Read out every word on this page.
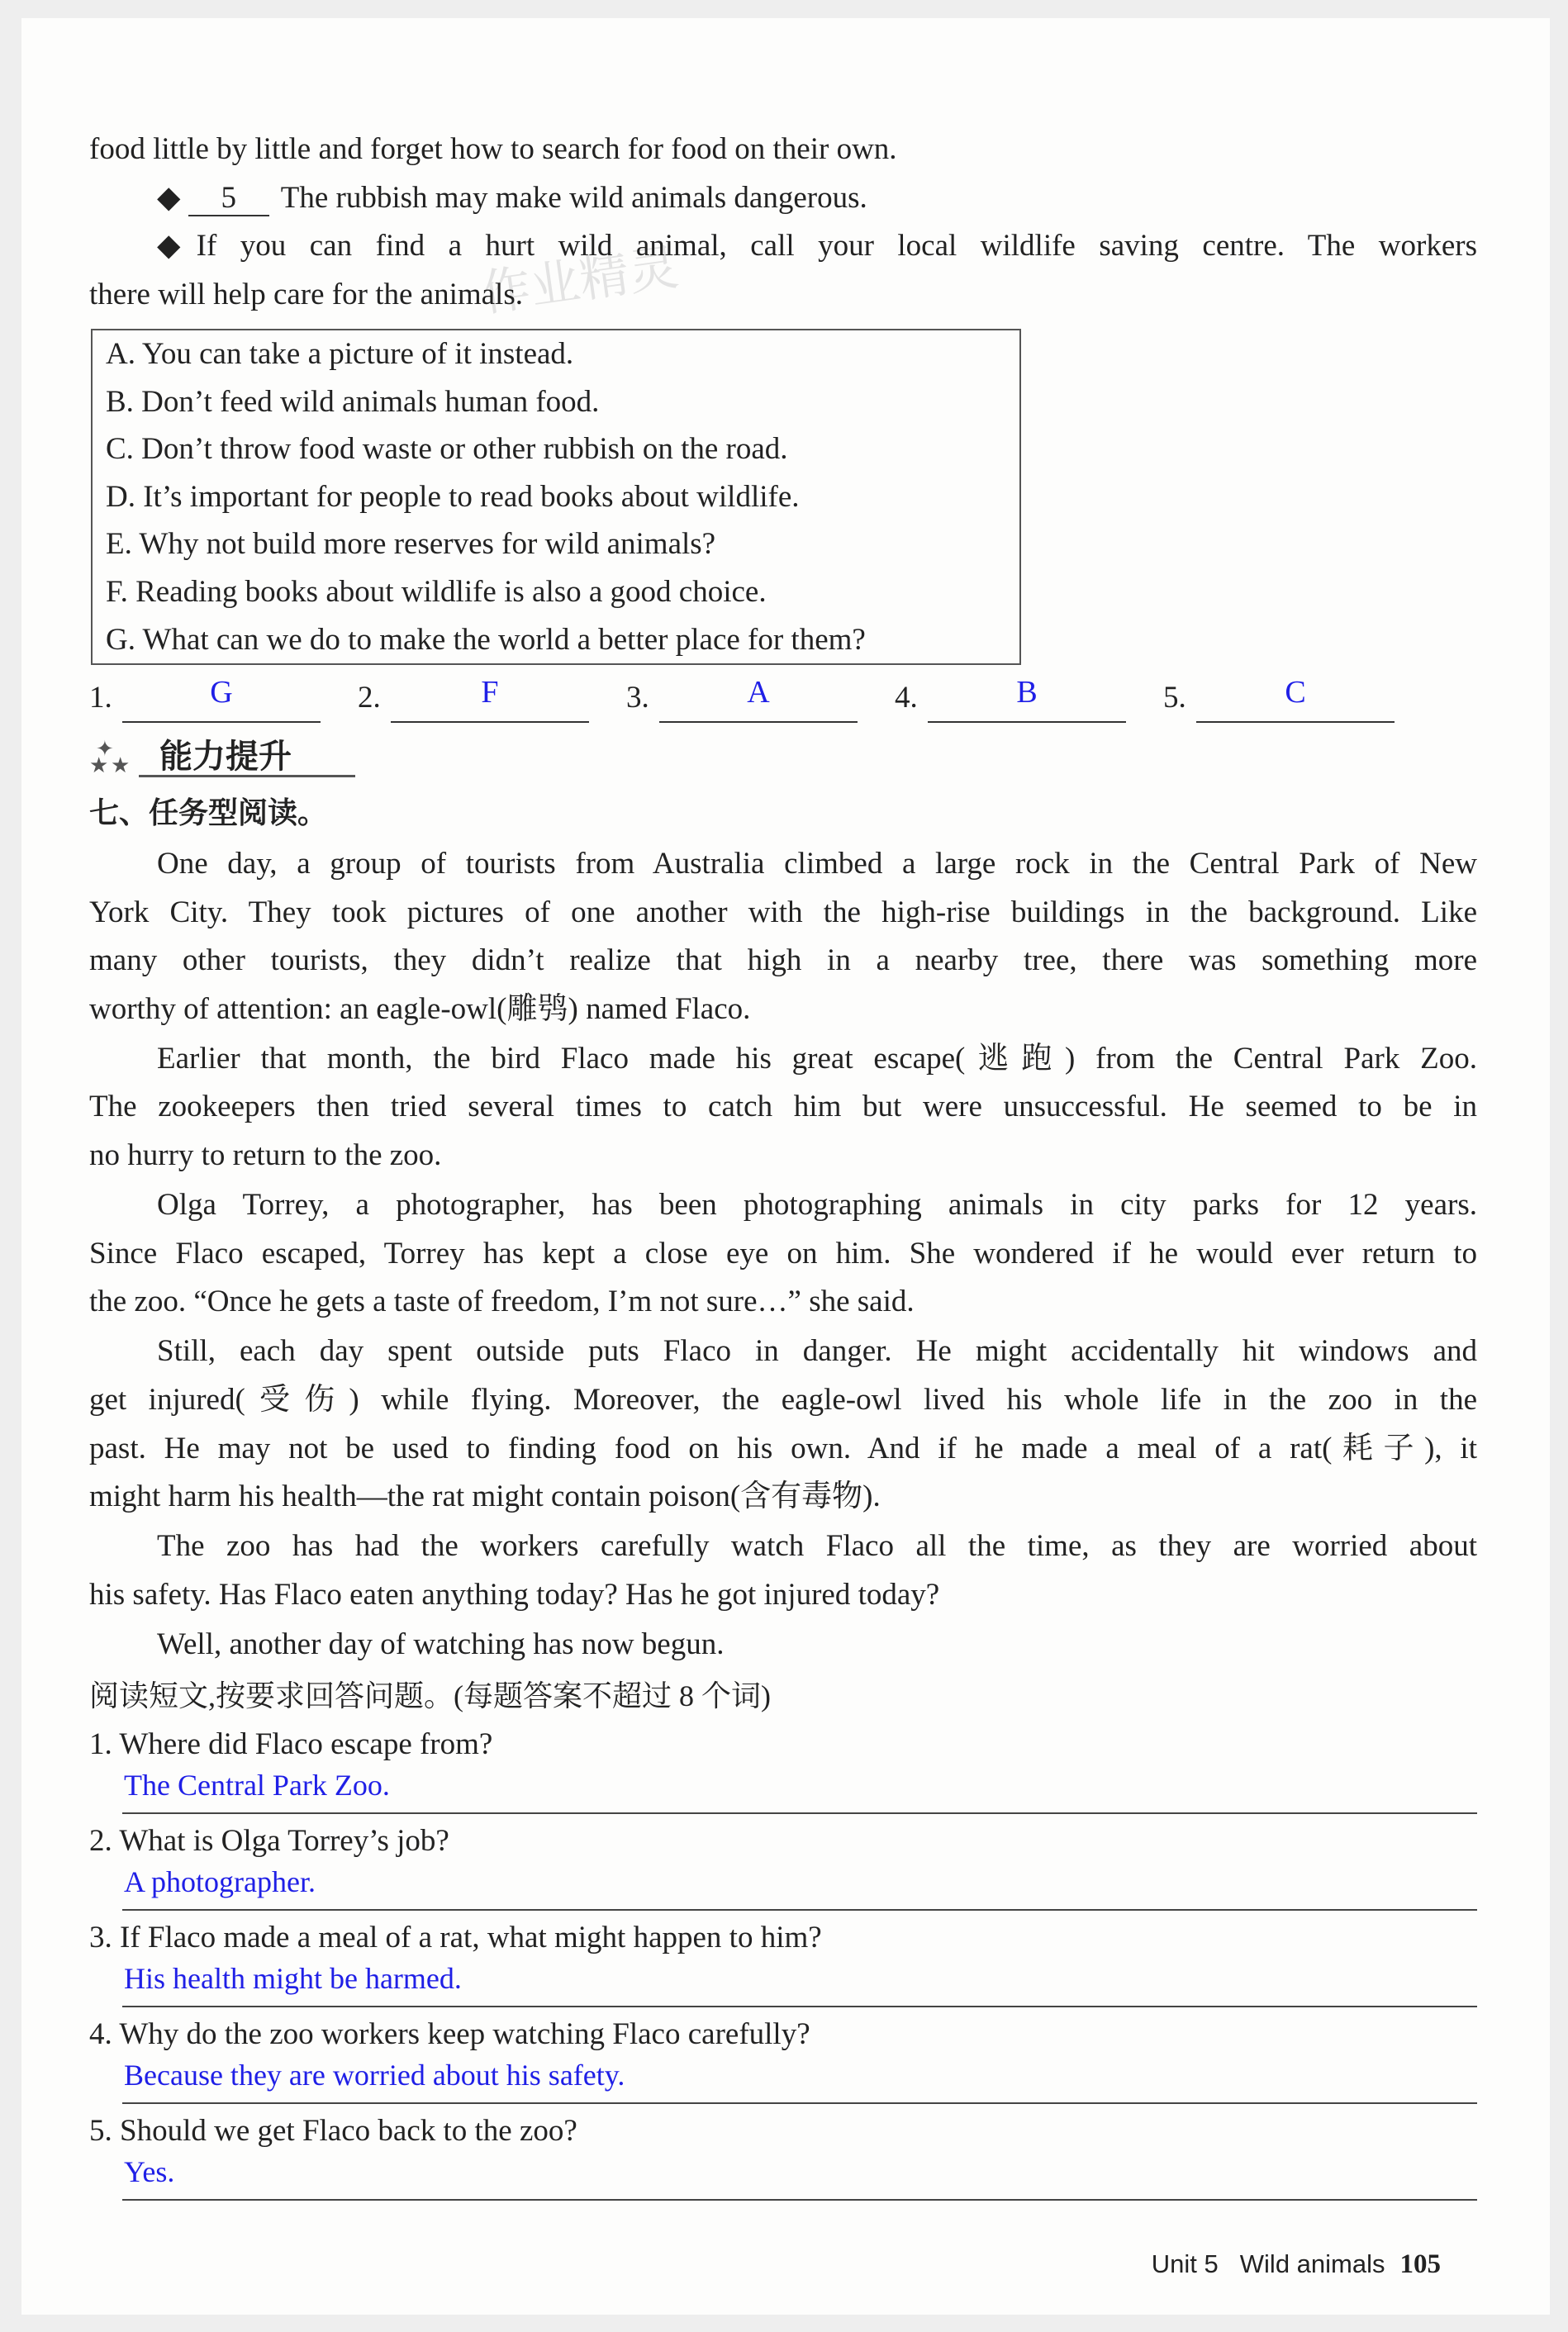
作业精灵
food little by little and forget how to search for food on their own.
◆ 5 The rubbish may make wild animals dangerous.
◆If you can find a hurt wild animal, call your local wildlife saving centre. The workers
there will help care for the animals.
A. You can take a picture of it instead.
B. Don’t feed wild animals human food.
C. Don’t throw food waste or other rubbish on the road.
D. It’s important for people to read books about wildlife.
E. Why not build more reserves for wild animals?
F. Reading books about wildlife is also a good choice.
G. What can we do to make the world a better place for them?
1.	G	2.	F	3.	A	4.	B	5.	C
✦
★ ★ 能力提升
七、任务型阅读。
One day, a group of tourists from Australia climbed a large rock in the Central Park of New
York City. They took pictures of one another with the high-rise buildings in the background. Like
many other tourists, they didn’t realize that high in a nearby tree, there was something more
worthy of attention: an eagle-owl(雕鸮) named Flaco.
Earlier that month, the bird Flaco made his great escape(逃跑) from the Central Park Zoo.
The zookeepers then tried several times to catch him but were unsuccessful. He seemed to be in
no hurry to return to the zoo.
Olga Torrey, a photographer, has been photographing animals in city parks for 12 years.
Since Flaco escaped, Torrey has kept a close eye on him. She wondered if he would ever return to
the zoo. “Once he gets a taste of freedom, I’m not sure…” she said.
Still, each day spent outside puts Flaco in danger. He might accidentally hit windows and
get injured(受伤) while flying. Moreover, the eagle-owl lived his whole life in the zoo in the
past. He may not be used to finding food on his own. And if he made a meal of a rat(耗子), it
might harm his health—the rat might contain poison(含有毒物).
The zoo has had the workers carefully watch Flaco all the time, as they are worried about
his safety. Has Flaco eaten anything today? Has he got injured today?
Well, another day of watching has now begun.
阅读短文,按要求回答问题。(每题答案不超过 8 个词)
1. Where did Flaco escape from?
The Central Park Zoo.
2. What is Olga Torrey’s job?
A photographer.
3. If Flaco made a meal of a rat, what might happen to him?
His health might be harmed.
4. Why do the zoo workers keep watching Flaco carefully?
Because they are worried about his safety.
5. Should we get Flaco back to the zoo?
Yes.
Unit 5 Wild animals 105
